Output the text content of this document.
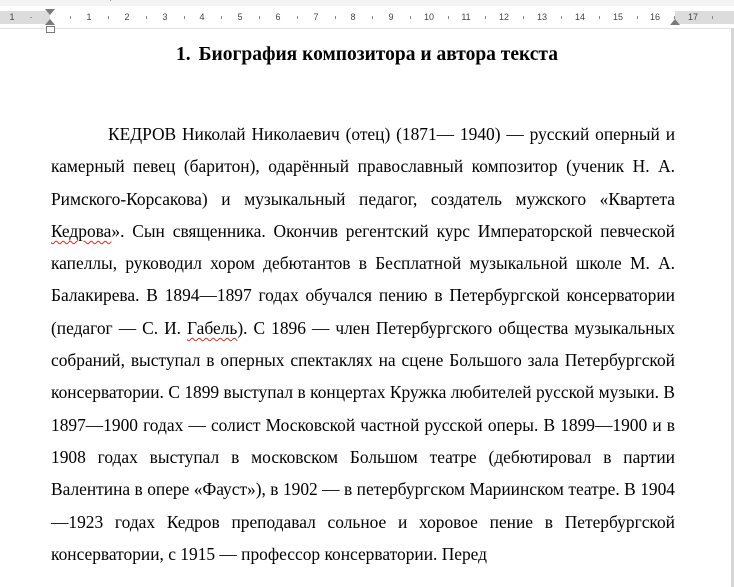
1 ·	1	2	3	4	5	6	7	8	9	10	11	12	13	14	15	16	17
1. Биография композитора и автора текста

КЕДРОВ Николай Николаевич (отец) (1871— 1940) — русский оперный и камерный певец (баритон), одарённый православный композитор (ученик Н. А. Римского-Корсакова) и музыкальный педагог, создатель мужского «Квартета Кедрова». Сын священника. Окончив регентский курс Императорской певческой капеллы, руководил хором дебютантов в Бесплатной музыкальной школе М. А. Балакирева. В 1894—1897 годах обучался пению в Петербургской консерватории (педагог — С. И. Габель). С 1896 — член Петербургского общества музыкальных собраний, выступал в оперных спектаклях на сцене Большого зала Петербургской консерватории. С 1899 выступал в концертах Кружка любителей русской музыки. В 1897—1900 годах — солист Московской частной русской оперы. В 1899—1900 и в 1908 годах выступал в московском Большом театре (дебютировал в партии Валентина в опере «Фауст»), в 1902 — в петербургском Мариинском театре. В 1904—1923 годах Кедров преподавал сольное и хоровое пение в Петербургской консерватории, с 1915 — профессор консерватории. Перед
